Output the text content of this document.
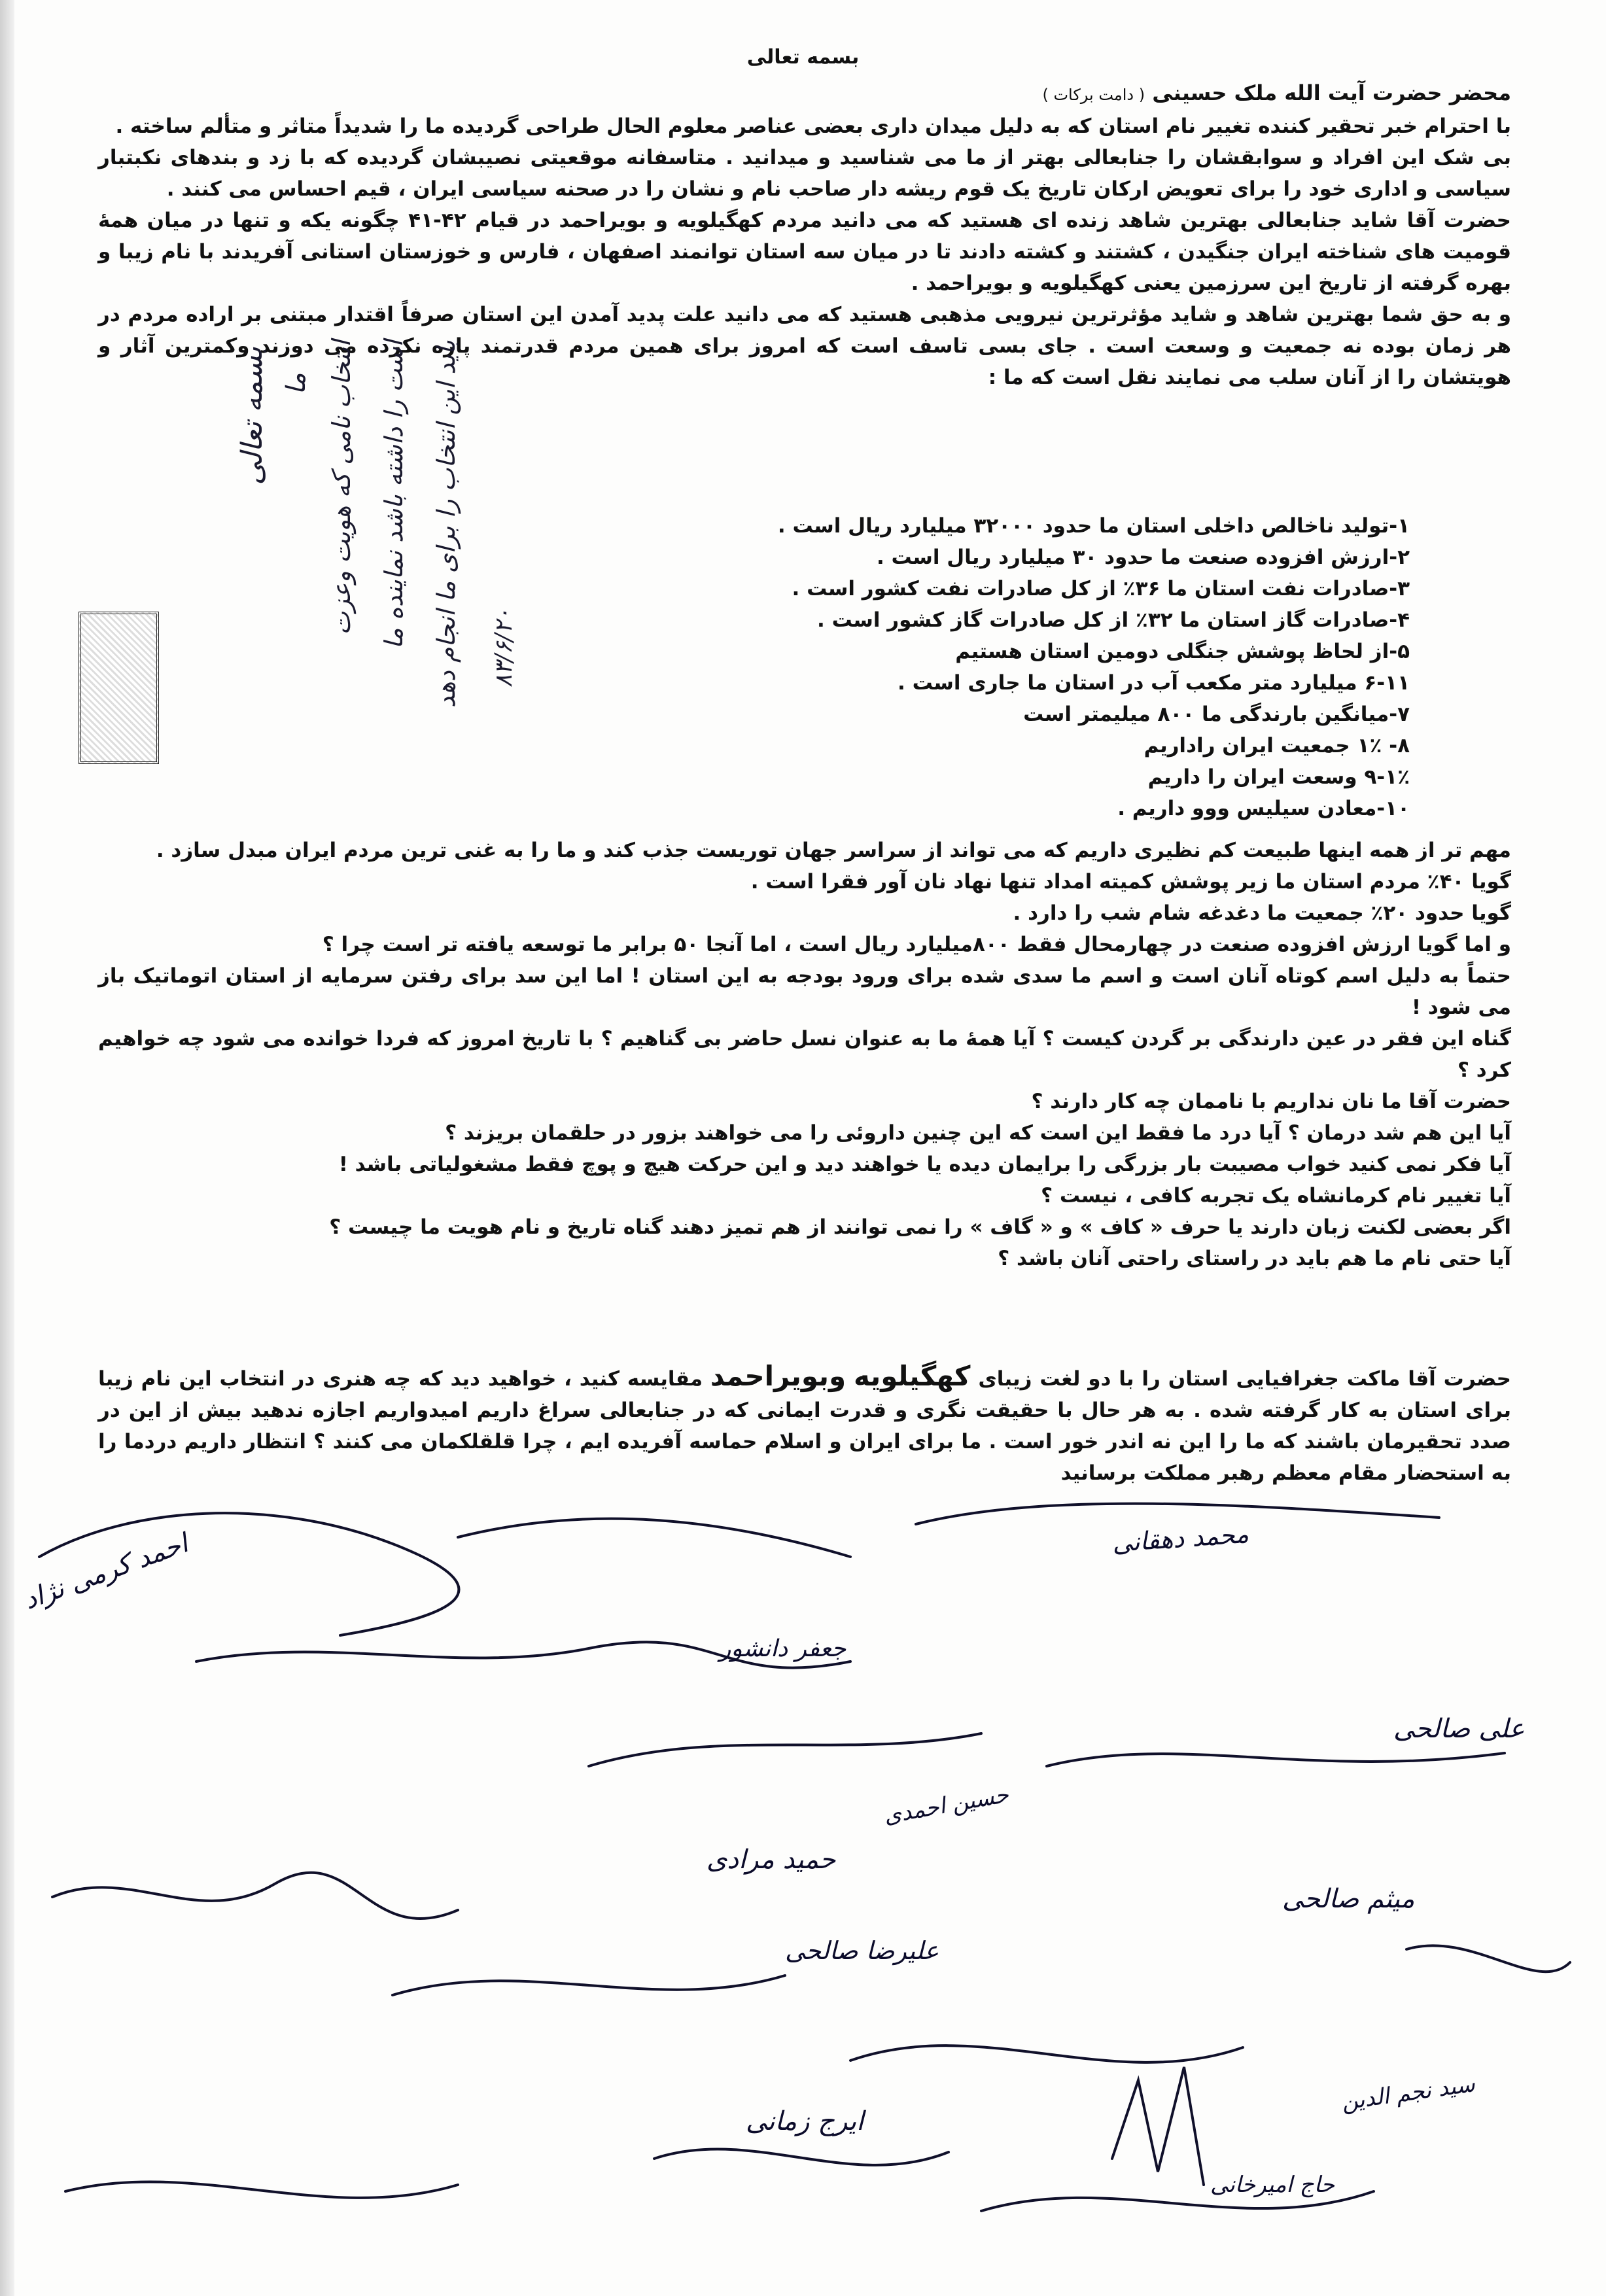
بسمه تعالی

محضر حضرت آیت الله ملک حسینی ( دامت برکات )

با احترام خبر تحقیر کننده تغییر نام استان که به دلیل میدان داری بعضی عناصر معلوم الحال طراحی گردیده ما را شدیداً متاثر و متألم ساخته .

بی شک این افراد و سوابقشان را جنابعالی بهتر از ما می شناسید و میدانید . متاسفانه موقعیتی نصیبشان گردیده که با زد و بندهای نکبتبار سیاسی و اداری خود را برای تعویض ارکان تاریخ یک قوم ریشه دار صاحب نام و نشان را در صحنه سیاسی ایران ، قیم احساس می کنند .

حضرت آقا شاید جنابعالی بهترین شاهد زنده ای هستید که می دانید مردم کهگیلویه و بویراحمد در قیام ۴۲-۴۱ چگونه یکه و تنها در میان همهٔ قومیت های شناخته ایران جنگیدن ، کشتند و کشته دادند تا در میان سه استان توانمند اصفهان ، فارس و خوزستان استانی آفریدند با نام زیبا و بهره گرفته از تاریخ این سرزمین یعنی کهگیلویه و بویراحمد .

و به حق شما بهترین شاهد و شاید مؤثرترین نیرویی مذهبی هستید که می دانید علت پدید آمدن این استان صرفاً اقتدار مبتنی بر اراده مردم در هر زمان بوده نه جمعیت و وسعت است . جای بسی تاسف است که امروز برای همین مردم قدرتمند پاره نکرده می دوزند وکمترین آثار و هویتشان را از آنان سلب می نمایند نقل است که ما :

۱-تولید ناخالص داخلی استان ما حدود ۳۲۰۰۰ میلیارد ریال است .
۲-ارزش افزوده صنعت ما حدود ۳۰ میلیارد ریال است .
۳-صادرات نفت استان ما ۳۶٪ از کل صادرات نفت کشور است .
۴-صادرات گاز استان ما ۳۲٪ از کل صادرات گاز کشور است .
۵-از لحاظ پوشش جنگلی دومین استان هستیم
۶-۱۱ میلیارد متر مکعب آب در استان ما جاری است .
۷-میانگین بارندگی ما ۸۰۰ میلیمتر است
۸- ۱٪ جمعیت ایران راداریم
۹-۱٪ وسعت ایران را داریم
۱۰-معادن سیلیس ووو داریم .
بسمه تعالی ما انتخاب نامی که هویت وعزت است را داشته باشد نماینده ما باید این انتخاب را برای ما انجام دهد ۸۳/۶/۲۰

مهم تر از همه اینها طبیعت کم نظیری داریم که می تواند از سراسر جهان توریست جذب کند و ما را به غنی ترین مردم ایران مبدل سازد .

گویا ۴۰٪ مردم استان ما زیر پوشش کمیته امداد تنها نهاد نان آور فقرا است .

گویا حدود ۲۰٪ جمعیت ما دغدغه شام شب را دارد .

و اما گویا ارزش افزوده صنعت در چهارمحال فقط ۸۰۰میلیارد ریال است ، اما آنجا ۵۰ برابر ما توسعه یافته تر است چرا ؟

حتماً به دلیل اسم کوتاه آنان است و اسم ما سدی شده برای ورود بودجه به این استان ! اما این سد برای رفتن سرمایه از استان اتوماتیک باز می شود !

گناه این فقر در عین دارندگی بر گردن کیست ؟ آیا همهٔ ما به عنوان نسل حاضر بی گناهیم ؟ با تاریخ امروز که فردا خوانده می شود چه خواهیم کرد ؟

حضرت آقا ما نان نداریم با ناممان چه کار دارند ؟

آیا این هم شد درمان ؟ آیا درد ما فقط این است که این چنین داروئی را می خواهند بزور در حلقمان بریزند ؟

آیا فکر نمی کنید خواب مصیبت بار بزرگی را برایمان دیده یا خواهند دید و این حرکت هیچ و پوچ فقط مشغولیاتی باشد !

آیا تغییر نام کرمانشاه یک تجربه کافی ، نیست ؟

اگر بعضی لکنت زبان دارند یا حرف « کاف » و « گاف » را نمی توانند از هم تمیز دهند گناه تاریخ و نام هویت ما چیست ؟

آیا حتی نام ما هم باید در راستای راحتی آنان باشد ؟

حضرت آقا ماکت جغرافیایی استان را با دو لغت زیبای کهگیلویه وبویراحمد مقایسه کنید ، خواهید دید که چه هنری در انتخاب این نام زیبا برای استان به کار گرفته شده . به هر حال با حقیقت نگری و قدرت ایمانی که در جنابعالی سراغ داریم امیدواریم اجازه ندهید بیش از این در صدد تحقیرمان باشند که ما را این نه اندر خور است . ما برای ایران و اسلام حماسه آفریده ایم ، چرا قلقلکمان می کنند ؟ انتظار داریم دردما را به استحضار مقام معظم رهبر مملکت برسانید

احمد کرمی نژاد	محمد دهقانی
علی صالحی
حمید مرادی
جعفر دانشور
حسین احمدی
ایرج زمانی
علیرضا صالحی
میثم صالحی
سید نجم الدین
حاج امیرخانی
